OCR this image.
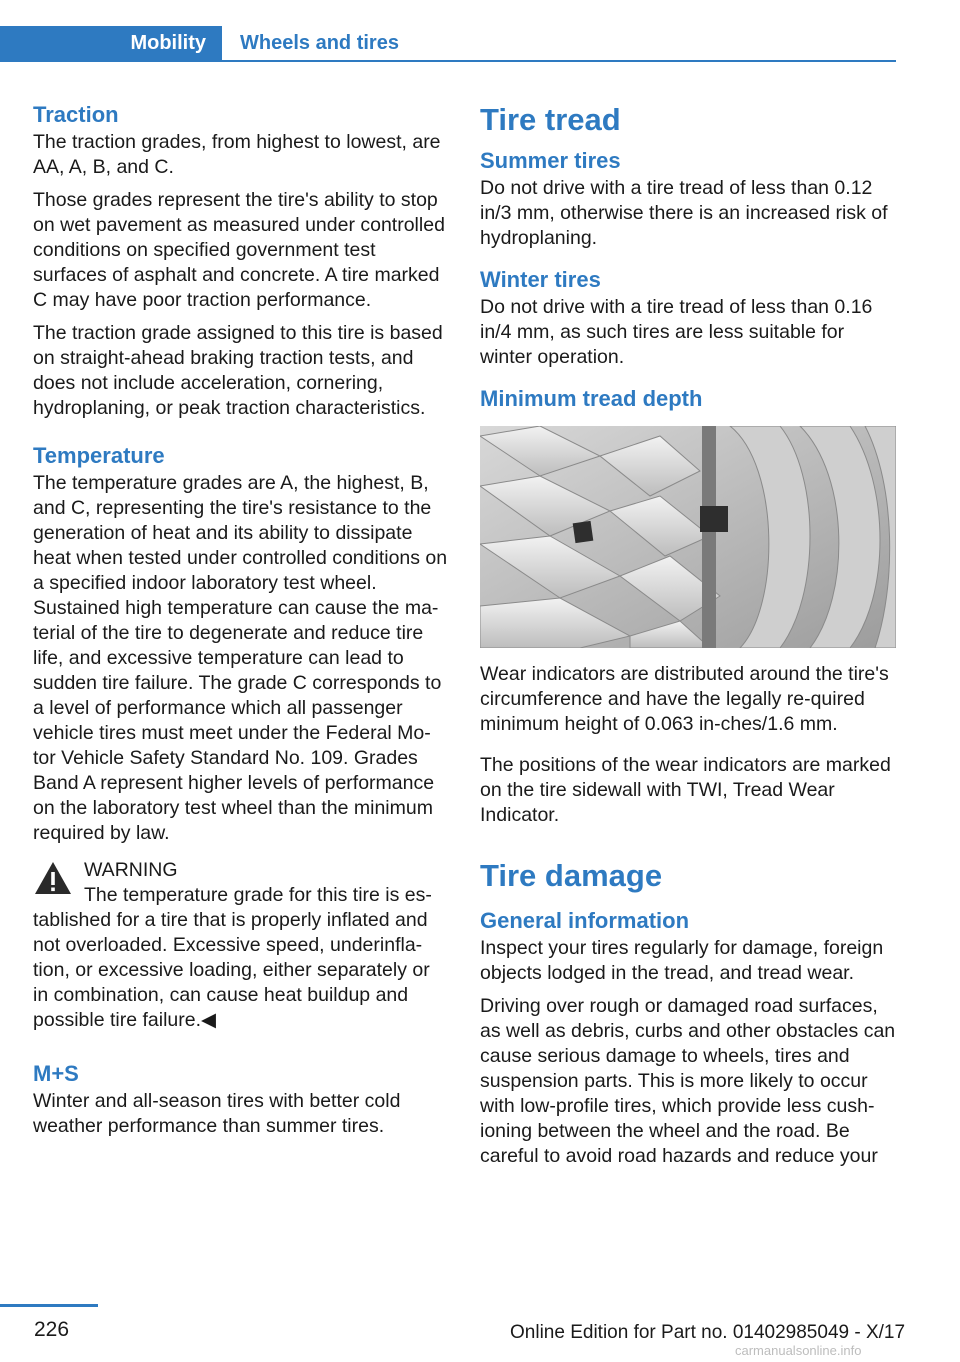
Mobility	Wheels and tires
Traction

The traction grades, from highest to lowest, are AA, A, B, and C.

Those grades represent the tire's ability to stop on wet pavement as measured under controlled conditions on specified government test surfaces of asphalt and concrete. A tire marked C may have poor traction performance.

The traction grade assigned to this tire is based on straight-ahead braking traction tests, and does not include acceleration, cornering, hydroplaning, or peak traction characteristics.

Temperature

The temperature grades are A, the highest, B, and C, representing the tire's resistance to the generation of heat and its ability to dissipate heat when tested under controlled conditions on a specified indoor laboratory test wheel. Sustained high temperature can cause the ma‐terial of the tire to degenerate and reduce tire life, and excessive temperature can lead to sudden tire failure. The grade C corresponds to a level of performance which all passenger vehicle tires must meet under the Federal Mo‐tor Vehicle Safety Standard No. 109. Grades Band A represent higher levels of performance on the laboratory test wheel than the minimum required by law.

WARNING
The temperature grade for this tire is es‐

tablished for a tire that is properly inflated and not overloaded. Excessive speed, underinfla‐tion, or excessive loading, either separately or in combination, can cause heat buildup and possible tire failure.◀

M+S

Winter and all-season tires with better cold weather performance than summer tires.

Tire tread
Summer tires

Do not drive with a tire tread of less than 0.12 in/3 mm, otherwise there is an increased risk of hydroplaning.

Winter tires

Do not drive with a tire tread of less than 0.16 in/4 mm, as such tires are less suitable for winter operation.

Minimum tread depth

Wear indicators are distributed around the tire's circumference and have the legally re‐quired minimum height of 0.063 in‐ches/1.6 mm.

The positions of the wear indicators are marked on the tire sidewall with TWI, Tread Wear Indicator.

Tire damage
General information

Inspect your tires regularly for damage, foreign objects lodged in the tread, and tread wear.

Driving over rough or damaged road surfaces, as well as debris, curbs and other obstacles can cause serious damage to wheels, tires and suspension parts. This is more likely to occur with low-profile tires, which provide less cush‐ioning between the wheel and the road. Be careful to avoid road hazards and reduce your

226	Online Edition for Part no. 01402985049 - X/17
carmanualsonline.info
